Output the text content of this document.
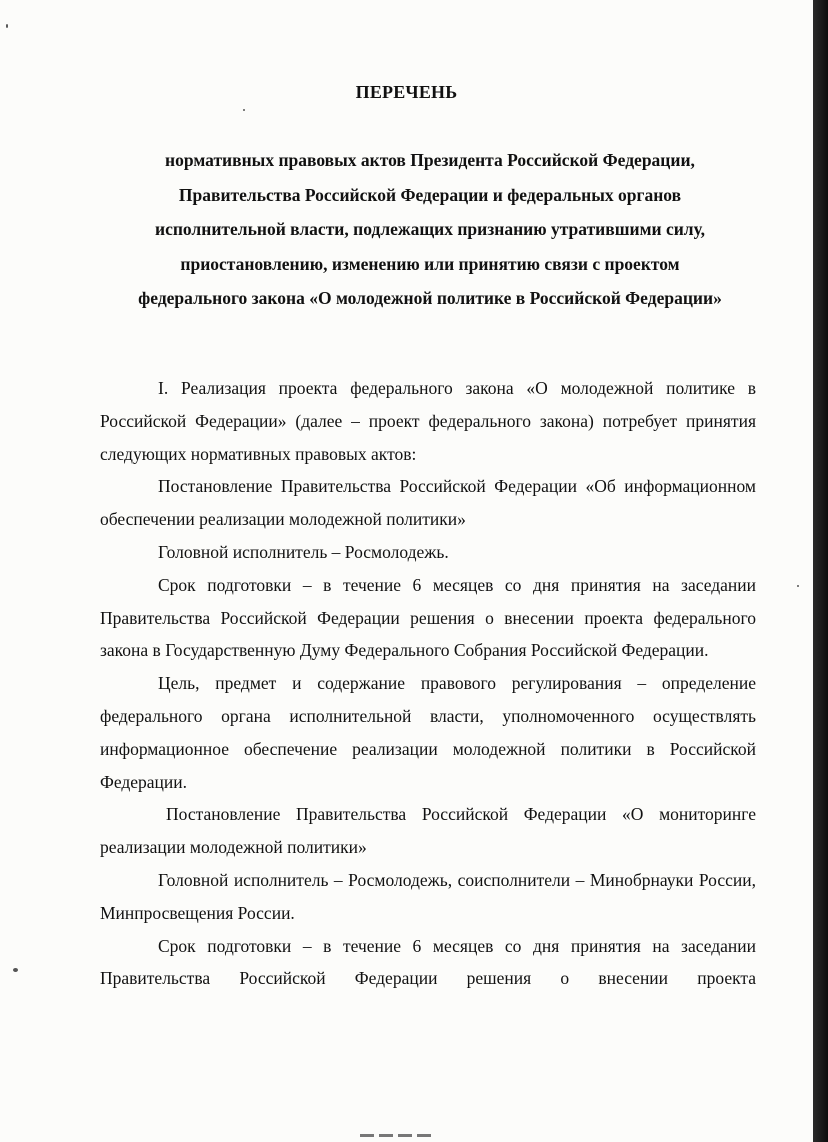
ПЕРЕЧЕНЬ
нормативных правовых актов Президента Российской Федерации,
Правительства Российской Федерации и федеральных органов
исполнительной власти, подлежащих признанию утратившими силу,
приостановлению, изменению или принятию связи с проектом
федерального закона «О молодежной политике в Российской Федерации»

I. Реализация проекта федерального закона «О молодежной политике в Российской Федерации» (далее – проект федерального закона) потребует принятия следующих нормативных правовых актов:

Постановление Правительства Российской Федерации «Об информационном обеспечении реализации молодежной политики»

Головной исполнитель – Росмолодежь.

Срок подготовки – в течение 6 месяцев со дня принятия на заседании Правительства Российской Федерации решения о внесении проекта федерального закона в Государственную Думу Федерального Собрания Российской Федерации.

Цель, предмет и содержание правового регулирования – определение федерального органа исполнительной власти, уполномоченного осуществлять информационное обеспечение реализации молодежной политики в Российской Федерации.

Постановление Правительства Российской Федерации «О мониторинге реализации молодежной политики»

Головной исполнитель – Росмолодежь, соисполнители – Минобрнауки России, Минпросвещения России.

Срок подготовки – в течение 6 месяцев со дня принятия на заседании Правительства Российской Федерации решения о внесении проекта
